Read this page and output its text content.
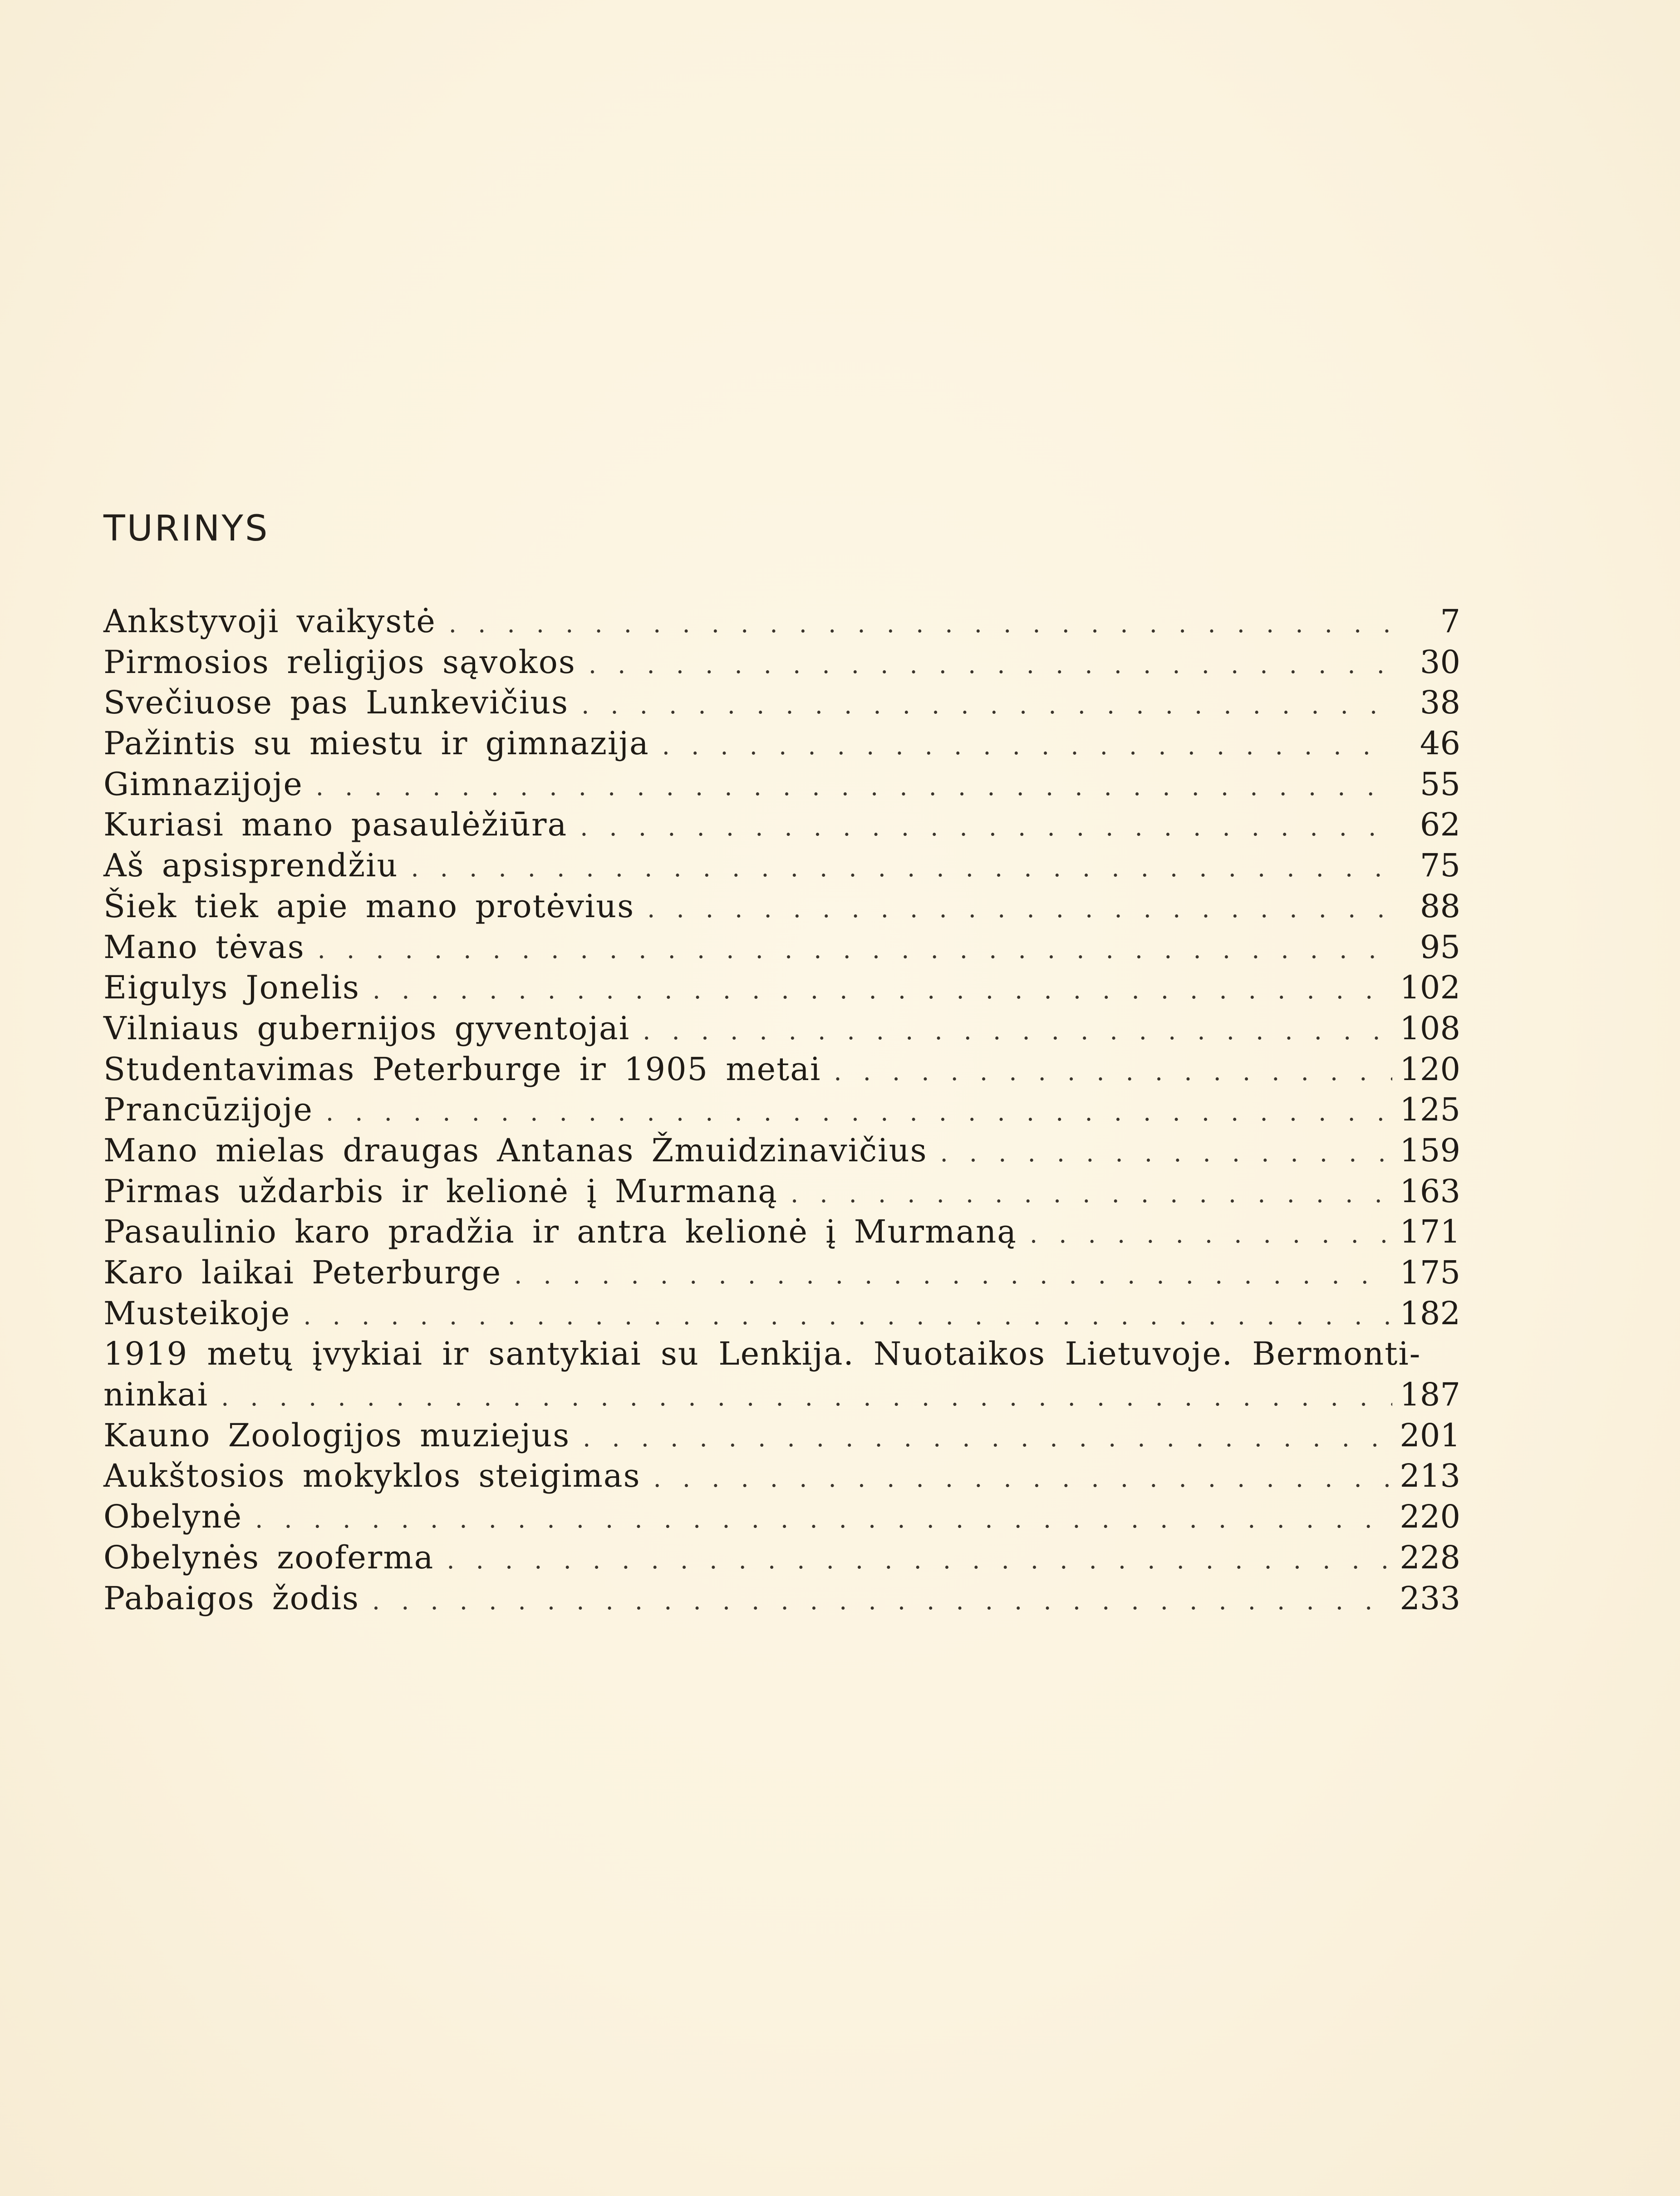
TURINYS
Ankstyvoji vaikystė . . .	7
Pirmosios religijos sąvokos . . .	30
Svečiuose pas Lunkevičius . . .	38
Pažintis su miestu ir gimnazija . . .	46
Gimnazijoje . . .	55
Kuriasi mano pasaulėžiūra . . .	62
Aš apsisprendžiu . . .	75
Šiek tiek apie mano protėvius . . .	88
Mano tėvas . . .	95
Eigulys Jonelis . . .	102
Vilniaus gubernijos gyventojai . . .	108
Studentavimas Peterburge ir 1905 metai . . .	120
Prancūzijoje . . .	125
Mano mielas draugas Antanas Žmuidzinavičius . . .	159
Pirmas uždarbis ir kelionė į Murmaną . . .	163
Pasaulinio karo pradžia ir antra kelionė į Murmaną . . .	171
Karo laikai Peterburge . . .	175
Musteikoje . . .	182
1919 metų įvykiai ir santykiai su Lenkija. Nuotaikos Lietuvoje. Bermonti-
ninkai . . .	187
Kauno Zoologijos muziejus . . .	201
Aukštosios mokyklos steigimas . . .	213
Obelynė . . .	220
Obelynės zooferma . . .	228
Pabaigos žodis . . .	233
